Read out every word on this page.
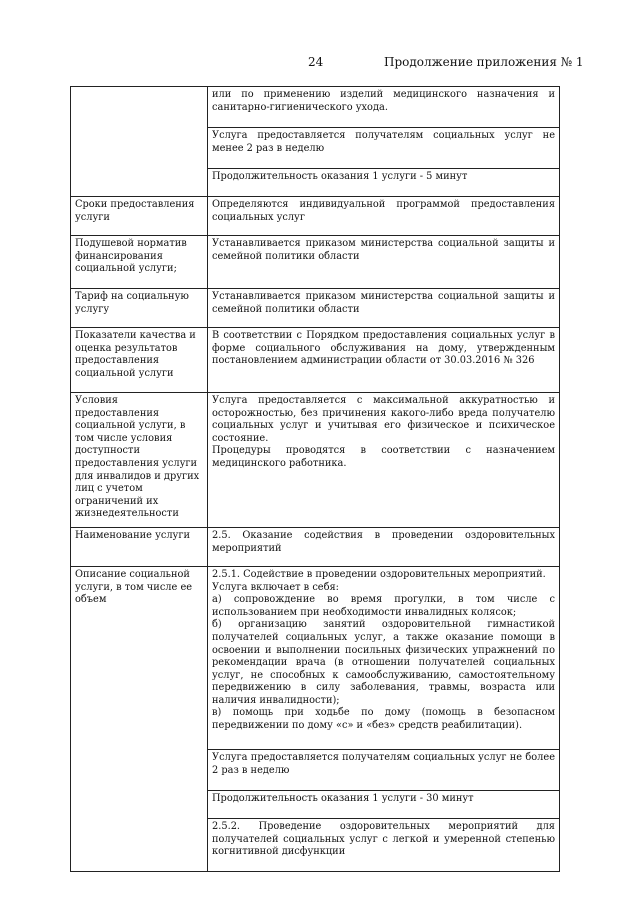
24	Продолжение приложения № 1

	или по применению изделий медицинского назначения и санитарно-гигиенического ухода.

	Услуга предоставляется получателям социальных услуг не менее 2 раз в неделю

	Продолжительность оказания 1 услуги - 5 минут

Сроки предоставления услуги	Определяются индивидуальной программой предоставления социальных услуг

Подушевой норматив финансирования социальной услуги;	Устанавливается приказом министерства социальной защиты и семейной политики области

Тариф на социальную услугу	Устанавливается приказом министерства социальной защиты и семейной политики области

Показатели качества и оценка результатов предоставления социальной услуги	В соответствии с Порядком предоставления социальных услуг в форме социального обслуживания на дому, утвержденным постановлением администрации области от 30.03.2016 № 326

Условия предоставления социальной услуги, в том числе условия доступности предоставления услуги для инвалидов и других лиц с учетом ограничений их жизнедеятельности	Услуга предоставляется с максимальной аккуратностью и осторожностью, без причинения какого-либо вреда получателю социальных услуг и учитывая его физическое и психическое состояние.

Процедуры проводятся в соответствии с назначением медицинского работника.

Наименование услуги	2.5. Оказание содействия в проведении оздоровительных мероприятий

Описание социальной услуги, в том числе ее объем	2.5.1. Содействие в проведении оздоровительных мероприятий.

Услуга включает в себя:

а) сопровождение во время прогулки, в том числе с использованием при необходимости инвалидных колясок;

б) организацию занятий оздоровительной гимнастикой получателей социальных услуг, а также оказание помощи в освоении и выполнении посильных физических упражнений по рекомендации врача (в отношении получателей социальных услуг, не способных к самообслуживанию, самостоятельному передвижению в силу заболевания, травмы, возраста или наличия инвалидности);

в) помощь при ходьбе по дому (помощь в безопасном передвижении по дому «с» и «без» средств реабилитации).

	Услуга предоставляется получателям социальных услуг не более 2 раз в неделю

	Продолжительность оказания 1 услуги - 30 минут

	2.5.2. Проведение оздоровительных мероприятий для получателей социальных услуг с легкой и умеренной степенью когнитивной дисфункции
